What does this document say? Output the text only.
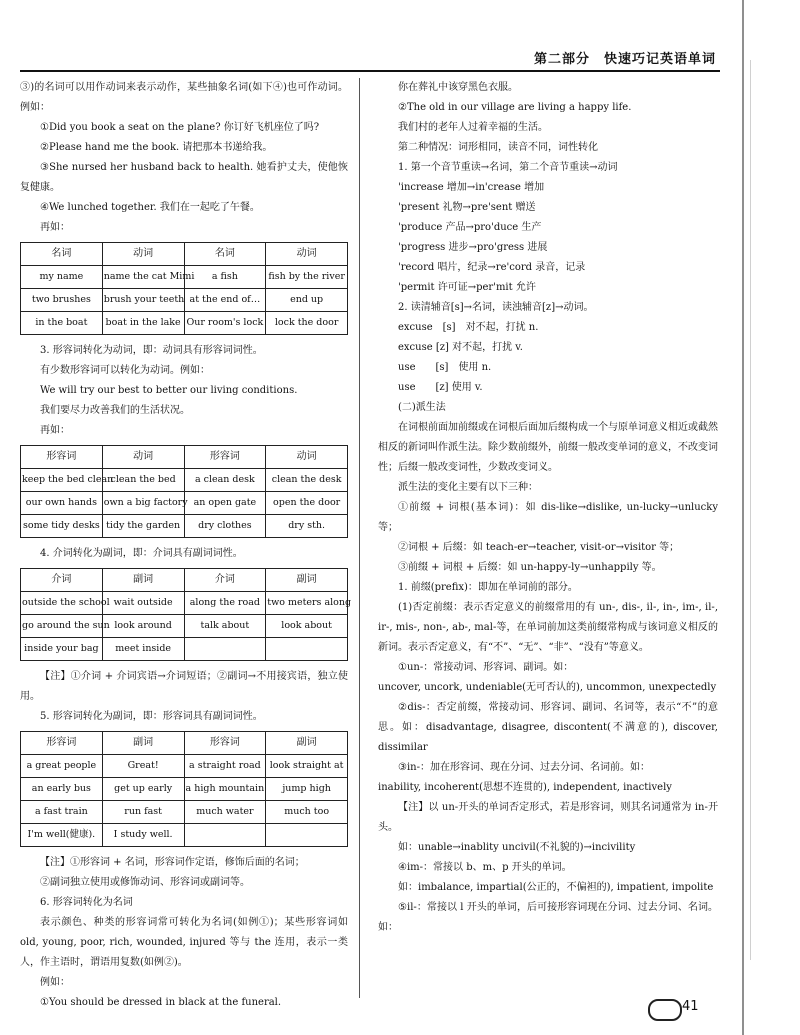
第二部分　快速巧记英语单词

③)的名词可以用作动词来表示动作，某些抽象名词(如下④)也可作动词。例如：

①Did you book a seat on the plane? 你订好飞机座位了吗?

②Please hand me the book. 请把那本书递给我。

③She nursed her husband back to health. 她看护丈夫，使他恢复健康。

④We lunched together. 我们在一起吃了午餐。

再如：

名词	动词	名词	动词
my name	name the cat Mimi	a fish	fish by the river
two brushes	brush your teeth	at the end of…	end up
in the boat	boat in the lake	Our room's lock	lock the door

3. 形容词转化为动词，即：动词具有形容词词性。

有少数形容词可以转化为动词。例如：

We will try our best to better our living conditions.

我们要尽力改善我们的生活状况。

再如：

形容词	动词	形容词	动词
keep the bed clean	clean the bed	a clean desk	clean the desk
our own hands	own a big factory	an open gate	open the door
some tidy desks	tidy the garden	dry clothes	dry sth.

4. 介词转化为副词，即：介词具有副词词性。

介词	副词	介词	副词
outside the school	wait outside	along the road	two meters along
go around the sun	look around	talk about	look about
inside your bag	meet inside		

【注】①介词 + 介词宾语→介词短语；②副词→不用接宾语，独立使用。

5. 形容词转化为副词，即：形容词具有副词词性。

形容词	副词	形容词	副词
a great people	Great!	a straight road	look straight at
an early bus	get up early	a high mountain	jump high
a fast train	run fast	much water	much too
I'm well(健康).	I study well.		

【注】①形容词 + 名词，形容词作定语，修饰后面的名词；

②副词独立使用或修饰动词、形容词或副词等。

6. 形容词转化为名词

表示颜色、种类的形容词常可转化为名词(如例①)；某些形容词如 old, young, poor, rich, wounded, injured 等与 the 连用，表示一类人，作主语时，谓语用复数(如例②)。

例如：

①You should be dressed in black at the funeral.

你在葬礼中该穿黑色衣服。

②The old in our village are living a happy life.

我们村的老年人过着幸福的生活。

第二种情况：词形相同，读音不同，词性转化

1. 第一个音节重读→名词，第二个音节重读→动词

'increase 增加→in'crease 增加

'present 礼物→pre'sent 赠送

'produce 产品→pro'duce 生产

'progress 进步→pro'gress 进展

'record 唱片，纪录→re'cord 录音，记录

'permit 许可证→per'mit 允许

2. 读清辅音[s]→名词，读浊辅音[z]→动词。

excuse　[s]　对不起，打扰 n.

excuse [z] 对不起，打扰 v.

use　　[s]　使用 n.

use　　[z] 使用 v.

(二)派生法

在词根前面加前缀或在词根后面加后缀构成一个与原单词意义相近或截然相反的新词叫作派生法。除少数前缀外，前缀一般改变单词的意义，不改变词性；后缀一般改变词性，少数改变词义。

派生法的变化主要有以下三种：

①前缀 + 词根(基本词)：如 dis-like→dislike, un-lucky→unlucky 等；

②词根 + 后缀：如 teach-er→teacher, visit-or→visitor 等；

③前缀 + 词根 + 后缀：如 un-happy-ly→unhappily 等。

1. 前缀(prefix)：即加在单词前的部分。

(1)否定前缀：表示否定意义的前缀常用的有 un-, dis-, il-, in-, im-, il-, ir-, mis-, non-, ab-, mal-等，在单词前加这类前缀常构成与该词意义相反的新词。表示否定意义，有“不”、“无”、“非”、“没有”等意义。

①un-：常接动词、形容词、副词。如：

uncover, uncork, undeniable(无可否认的), uncommon, unexpectedly

②dis-：否定前缀，常接动词、形容词、副词、名词等，表示“不”的意思。如：disadvantage, disagree, discontent(不满意的), discover, dissimilar

③in-：加在形容词、现在分词、过去分词、名词前。如：

inability, incoherent(思想不连贯的), independent, inactively

【注】以 un-开头的单词否定形式，若是形容词，则其名词通常为 in-开头。

如：unable→inablity uncivil(不礼貌的)→incivility

④im-：常接以 b、m、p 开头的单词。

如：imbalance, impartial(公正的，不偏袒的), impatient, impolite

⑤il-：常接以 l 开头的单词，后可接形容词现在分词、过去分词、名词。如：

41
